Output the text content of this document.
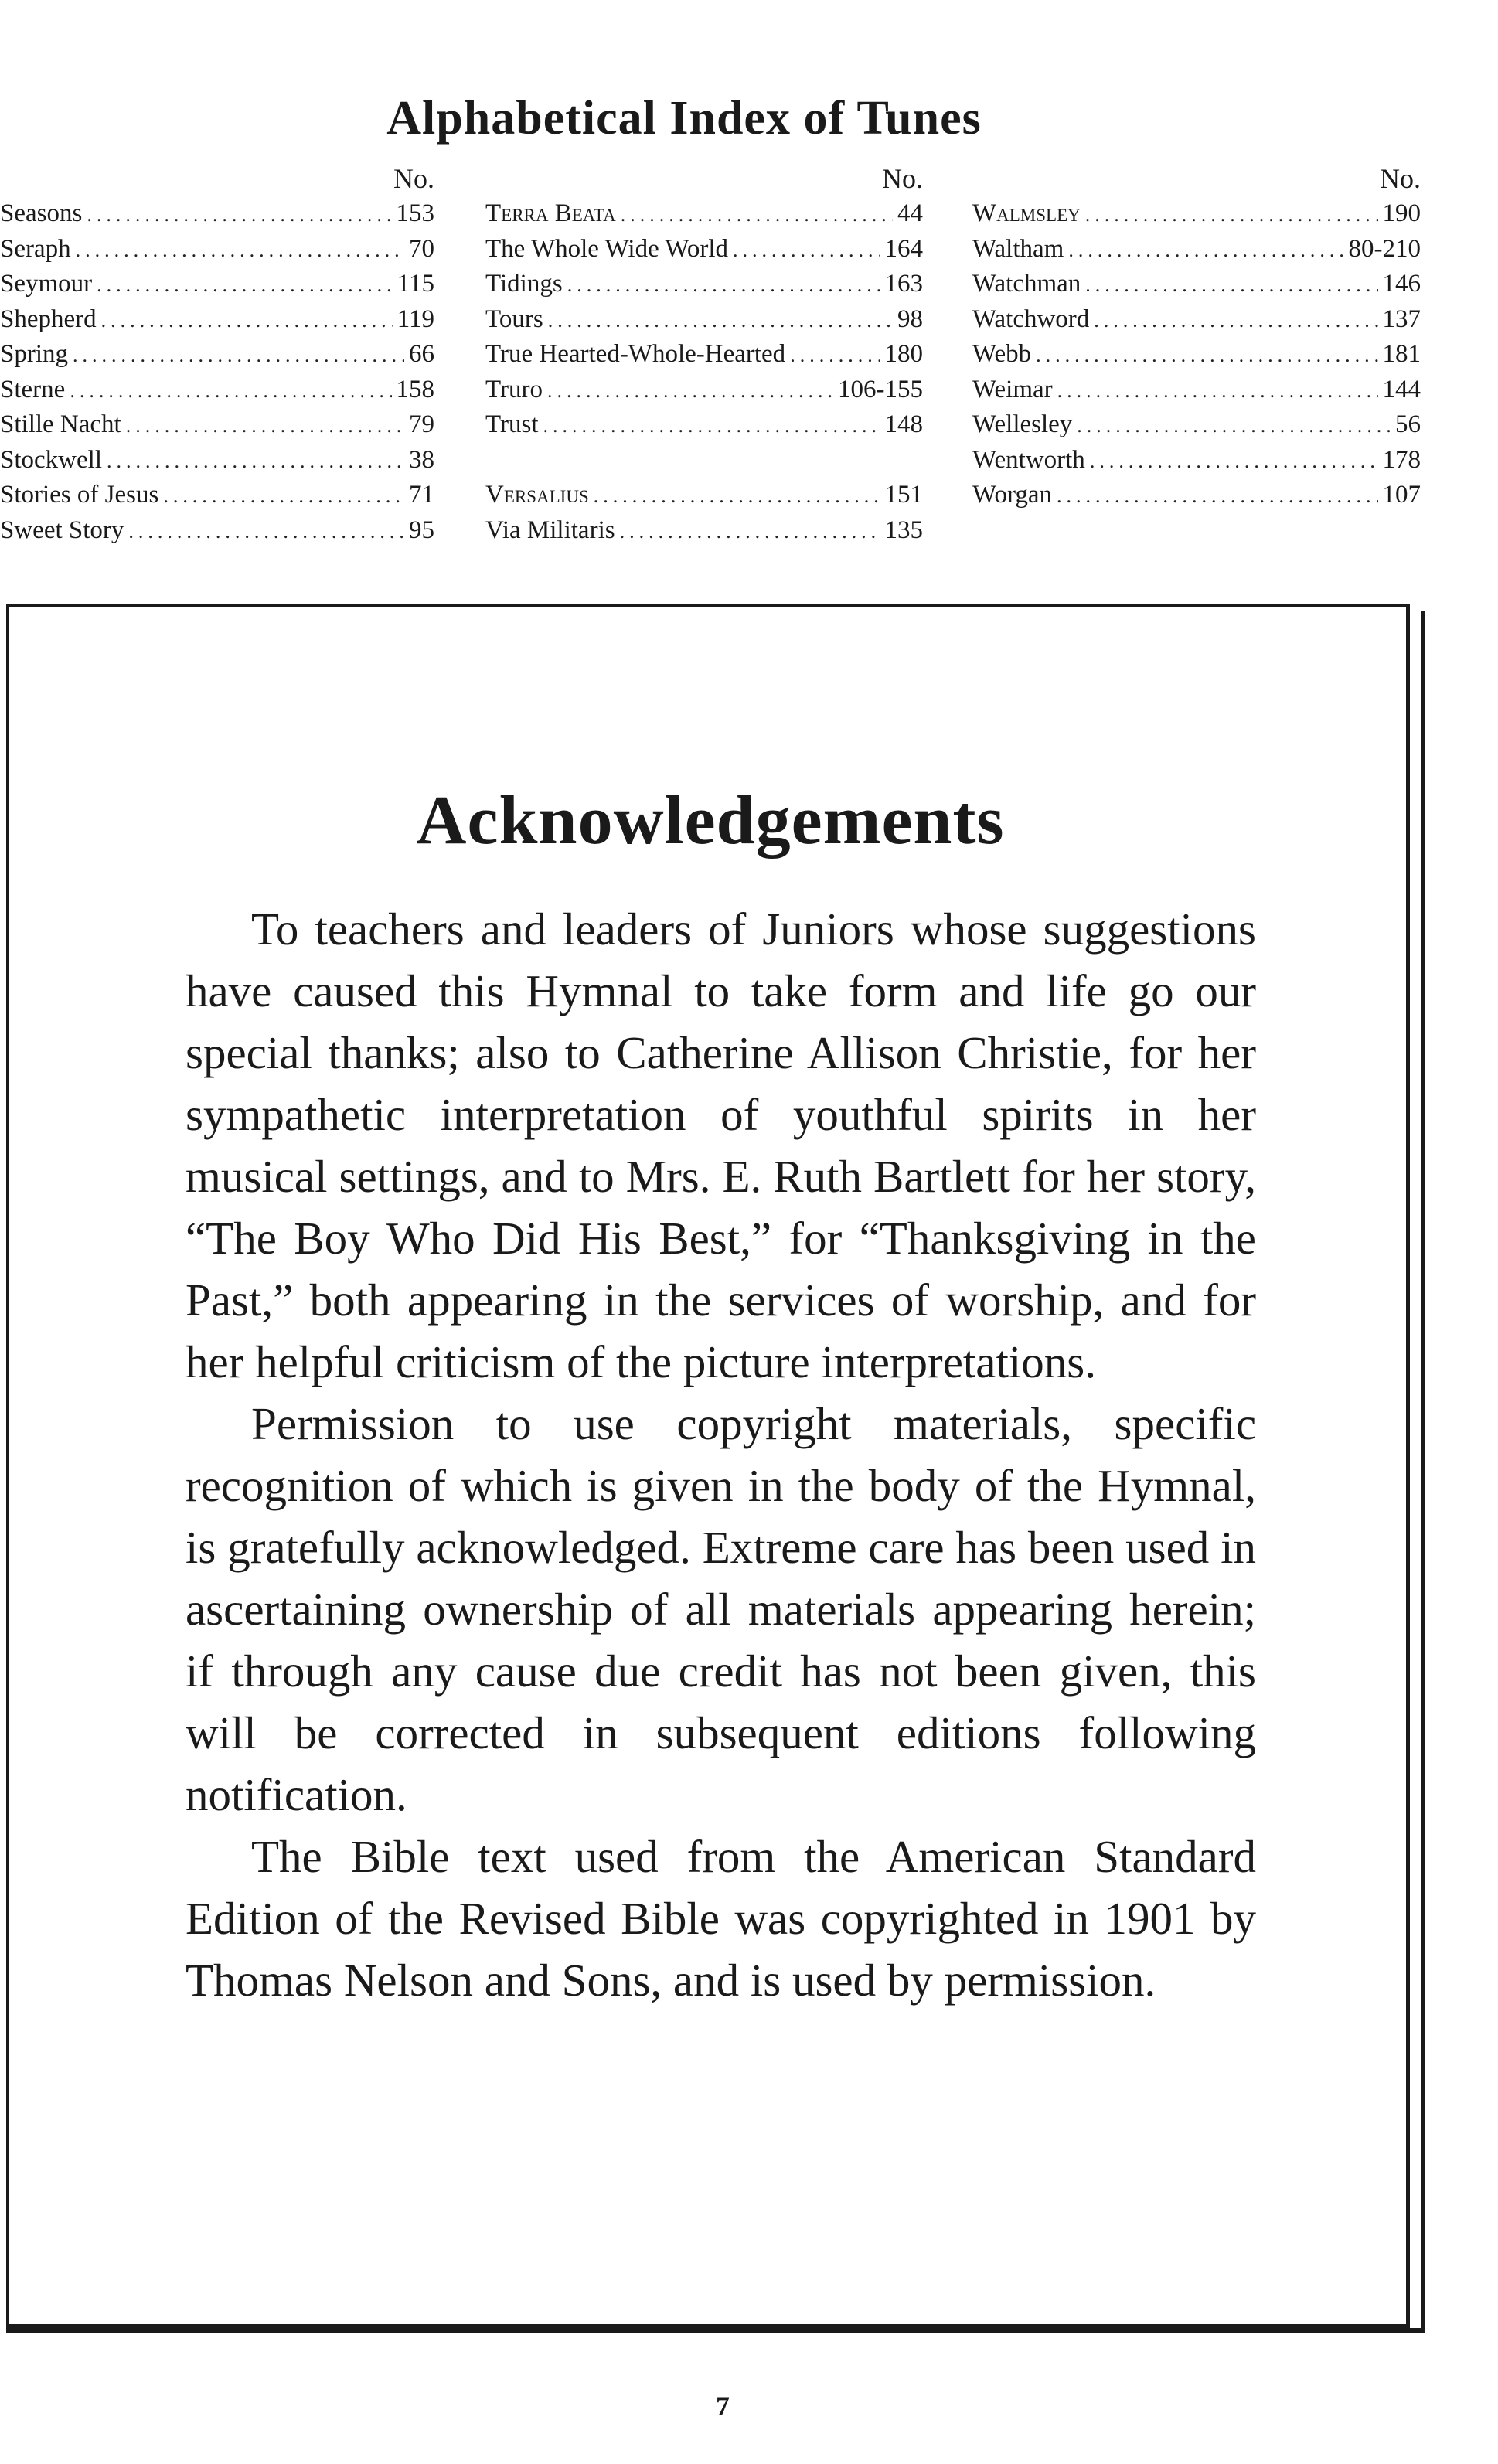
Alphabetical Index of Tunes
No.
Seasons .....	153
Seraph .....	70
Seymour .....	115
Shepherd .....	119
Spring .....	66
Sterne .....	158
Stille Nacht .....	79
Stockwell .....	38
Stories of Jesus .....	71
Sweet Story .....	95
No.
Terra Beata .....	44
The Whole Wide World .....	164
Tidings .....	163
Tours .....	98
True Hearted-Whole-Hearted .....	180
Truro .....	106-155
Trust .....	148
Versalius .....	151
Via Militaris .....	135
No.
Walmsley .....	190
Waltham .....	80-210
Watchman .....	146
Watchword .....	137
Webb .....	181
Weimar .....	144
Wellesley .....	56
Wentworth .....	178
Worgan .....	107
Acknowledgements

To teachers and leaders of Juniors whose suggestions have caused this Hymnal to take form and life go our special thanks; also to Catherine Allison Christie, for her sympathetic interpretation of youthful spirits in her musical settings, and to Mrs. E. Ruth Bartlett for her story, “The Boy Who Did His Best,” for “Thanksgiving in the Past,” both appearing in the services of worship, and for her helpful criticism of the picture interpretations.

Permission to use copyright materials, specific recognition of which is given in the body of the Hymnal, is gratefully acknowledged. Extreme care has been used in ascertaining ownership of all materials appearing herein; if through any cause due credit has not been given, this will be corrected in subsequent editions following notification.

The Bible text used from the American Standard Edition of the Revised Bible was copyrighted in 1901 by Thomas Nelson and Sons, and is used by permission.

7
